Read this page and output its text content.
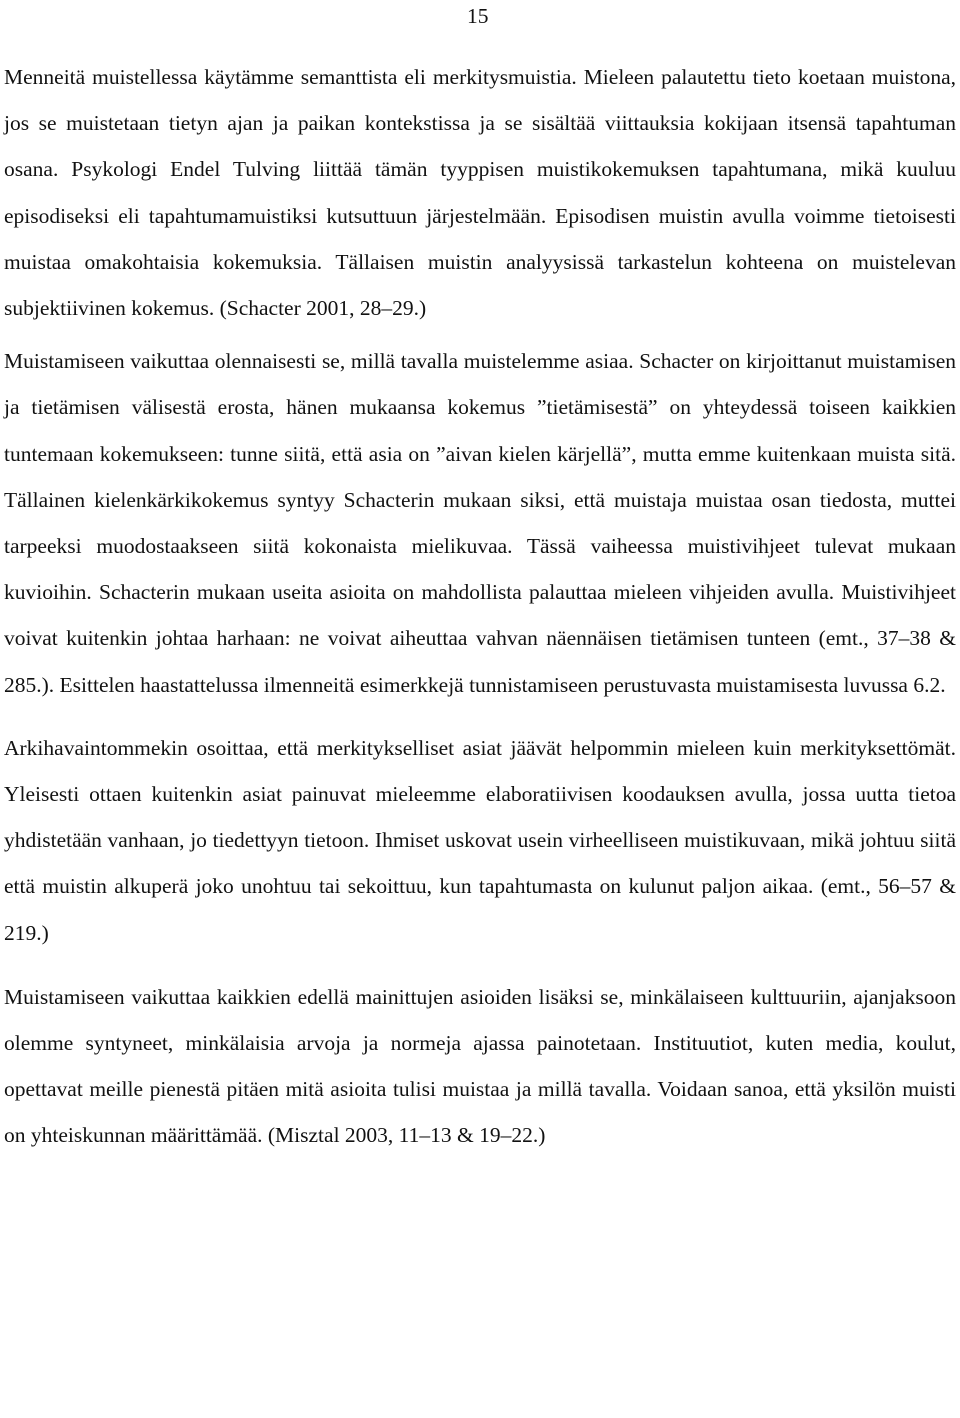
15

Menneitä muistellessa käytämme semanttista eli merkitysmuistia. Mieleen palautettu tieto koetaan muistona, jos se muistetaan tietyn ajan ja paikan kontekstissa ja se sisältää viittauksia kokijaan itsensä tapahtuman osana. Psykologi Endel Tulving liittää tämän tyyppisen muistikokemuksen tapahtumana, mikä kuuluu episodiseksi eli tapahtumamuistiksi kutsuttuun järjestelmään. Episodisen muistin avulla voimme tietoisesti muistaa omakohtaisia kokemuksia. Tällaisen muistin analyysissä tarkastelun kohteena on muistelevan subjektiivinen kokemus. (Schacter 2001, 28–29.)

Muistamiseen vaikuttaa olennaisesti se, millä tavalla muistelemme asiaa. Schacter on kirjoittanut muistamisen ja tietämisen välisestä erosta, hänen mukaansa kokemus ”tietämisestä” on yhteydessä toiseen kaikkien tuntemaan kokemukseen: tunne siitä, että asia on ”aivan kielen kärjellä”, mutta emme kuitenkaan muista sitä. Tällainen kielenkärkikokemus syntyy Schacterin mukaan siksi, että muistaja muistaa osan tiedosta, muttei tarpeeksi muodostaakseen siitä kokonaista mielikuvaa. Tässä vaiheessa muistivihjeet tulevat mukaan kuvioihin. Schacterin mukaan useita asioita on mahdollista palauttaa mieleen vihjeiden avulla. Muistivihjeet voivat kuitenkin johtaa harhaan: ne voivat aiheuttaa vahvan näennäisen tietämisen tunteen (emt., 37–38 & 285.). Esittelen haastattelussa ilmenneitä esimerkkejä tunnistamiseen perustuvasta muistamisesta luvussa 6.2.

Arkihavaintommekin osoittaa, että merkitykselliset asiat jäävät helpommin mieleen kuin merkityksettömät. Yleisesti ottaen kuitenkin asiat painuvat mieleemme elaboratiivisen koodauksen avulla, jossa uutta tietoa yhdistetään vanhaan, jo tiedettyyn tietoon. Ihmiset uskovat usein virheelliseen muistikuvaan, mikä johtuu siitä että muistin alkuperä joko unohtuu tai sekoittuu, kun tapahtumasta on kulunut paljon aikaa. (emt., 56–57 & 219.)

Muistamiseen vaikuttaa kaikkien edellä mainittujen asioiden lisäksi se, minkälaiseen kulttuuriin, ajanjaksoon olemme syntyneet, minkälaisia arvoja ja normeja ajassa painotetaan. Instituutiot, kuten media, koulut, opettavat meille pienestä pitäen mitä asioita tulisi muistaa ja millä tavalla. Voidaan sanoa, että yksilön muisti on yhteiskunnan määrittämää. (Misztal 2003, 11–13 & 19–22.)
